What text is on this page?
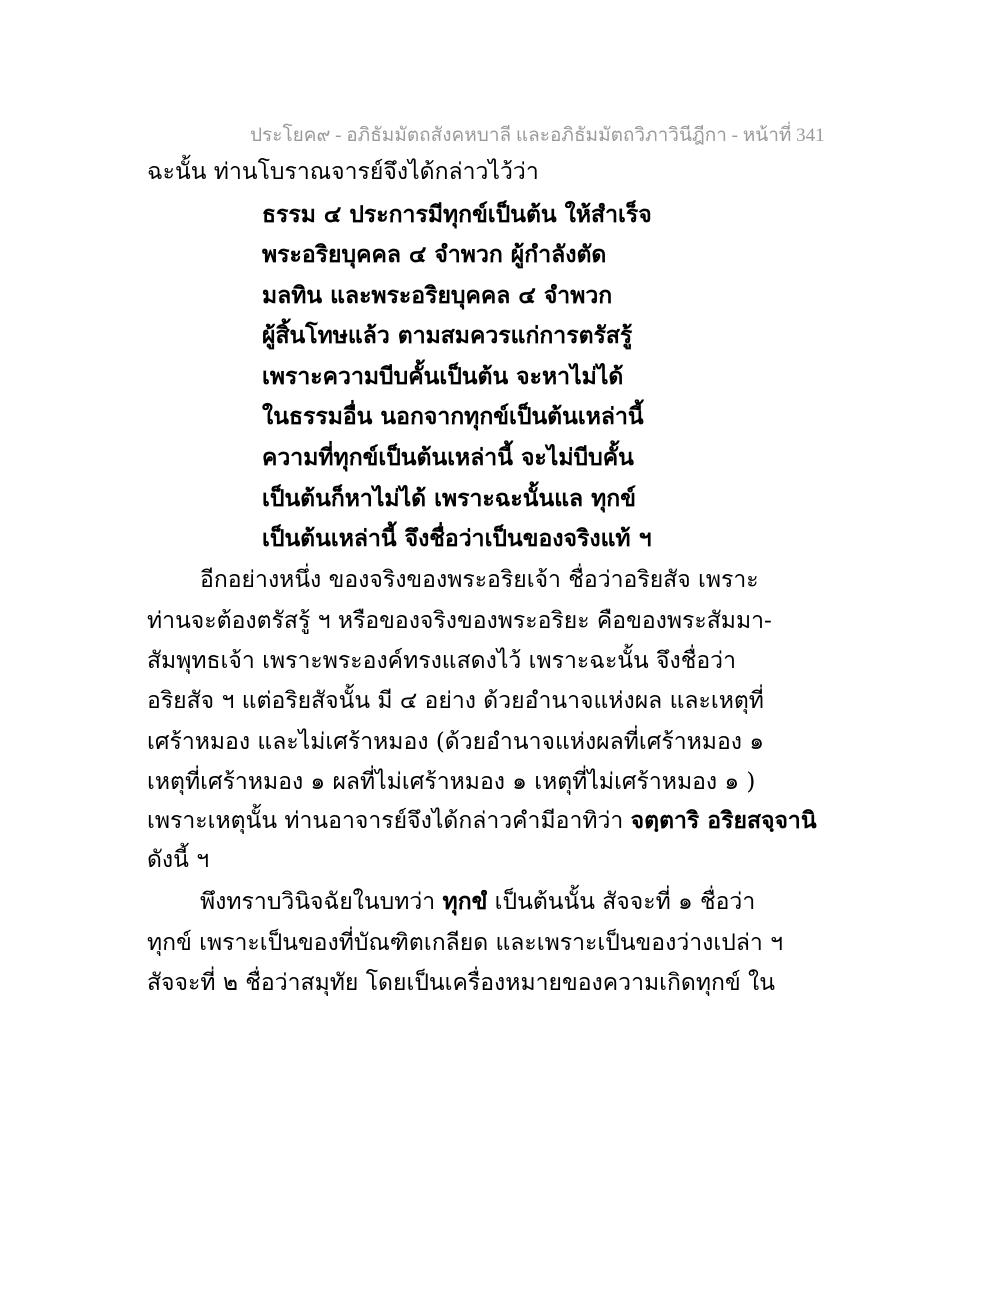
ประโยค๙ - อภิธัมมัตถสังคหบาลี และอภิธัมมัตถวิภาวินีฎีกา - หน้าที่ 341
ฉะนั้น ท่านโบราณจารย์จึงได้กล่าวไว้ว่า
ธรรม ๔ ประการมีทุกข์เป็นต้น ให้สำเร็จ
พระอริยบุคคล ๔ จำพวก ผู้กำลังตัด
มลทิน และพระอริยบุคคล ๔ จำพวก
ผู้สิ้นโทษแล้ว ตามสมควรแก่การตรัสรู้
เพราะความบีบคั้นเป็นต้น จะหาไม่ได้
ในธรรมอื่น นอกจากทุกข์เป็นต้นเหล่านี้
ความที่ทุกข์เป็นต้นเหล่านี้ จะไม่บีบคั้น
เป็นต้นก็หาไม่ได้ เพราะฉะนั้นแล ทุกข์
เป็นต้นเหล่านี้ จึงชื่อว่าเป็นของจริงแท้ ฯ
อีกอย่างหนึ่ง ของจริงของพระอริยเจ้า ชื่อว่าอริยสัจ เพราะ
ท่านจะต้องตรัสรู้ ฯ หรือของจริงของพระอริยะ คือของพระสัมมา-
สัมพุทธเจ้า เพราะพระองค์ทรงแสดงไว้ เพราะฉะนั้น จึงชื่อว่า
อริยสัจ ฯ แต่อริยสัจนั้น มี ๔ อย่าง ด้วยอำนาจแห่งผล และเหตุที่
เศร้าหมอง และไม่เศร้าหมอง (ด้วยอำนาจแห่งผลที่เศร้าหมอง ๑
เหตุที่เศร้าหมอง ๑ ผลที่ไม่เศร้าหมอง ๑ เหตุที่ไม่เศร้าหมอง ๑ )
เพราะเหตุนั้น ท่านอาจารย์จึงได้กล่าวคำมีอาทิว่า จตฺตาริ อริยสจฺจานิ
ดังนี้ ฯ
พึงทราบวินิจฉัยในบทว่า ทุกขํ เป็นต้นนั้น สัจจะที่ ๑ ชื่อว่า
ทุกข์ เพราะเป็นของที่บัณฑิตเกลียด และเพราะเป็นของว่างเปล่า ฯ
สัจจะที่ ๒ ชื่อว่าสมุทัย โดยเป็นเครื่องหมายของความเกิดทุกข์ ใน
